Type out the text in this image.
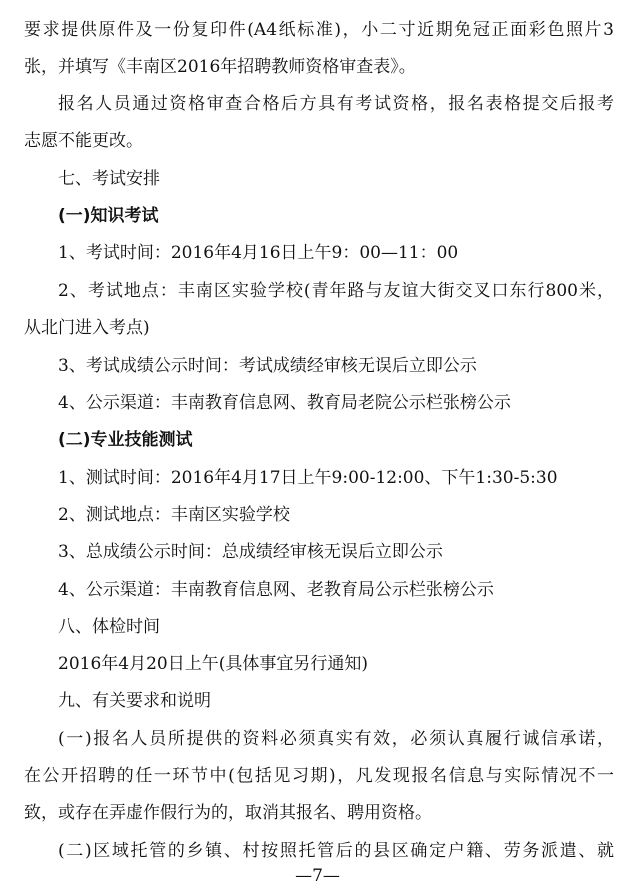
要求提供原件及一份复印件(A4纸标准)，小二寸近期免冠正面彩色照片3
张，并填写《丰南区2016年招聘教师资格审查表》。
报名人员通过资格审查合格后方具有考试资格，报名表格提交后报考
志愿不能更改。
七、考试安排
(一)知识考试
1、考试时间：2016年4月16日上午9：00—11：00
2、考试地点：丰南区实验学校(青年路与友谊大街交叉口东行800米，
从北门进入考点)
3、考试成绩公示时间：考试成绩经审核无误后立即公示
4、公示渠道：丰南教育信息网、教育局老院公示栏张榜公示
(二)专业技能测试
1、测试时间：2016年4月17日上午9:00-12:00、下午1:30-5:30
2、测试地点：丰南区实验学校
3、总成绩公示时间：总成绩经审核无误后立即公示
4、公示渠道：丰南教育信息网、老教育局公示栏张榜公示
八、体检时间
2016年4月20日上午(具体事宜另行通知)
九、有关要求和说明
(一)报名人员所提供的资料必须真实有效，必须认真履行诚信承诺，
在公开招聘的任一环节中(包括见习期)，凡发现报名信息与实际情况不一
致，或存在弄虚作假行为的，取消其报名、聘用资格。
(二)区域托管的乡镇、村按照托管后的县区确定户籍、劳务派遣、就
—7—
